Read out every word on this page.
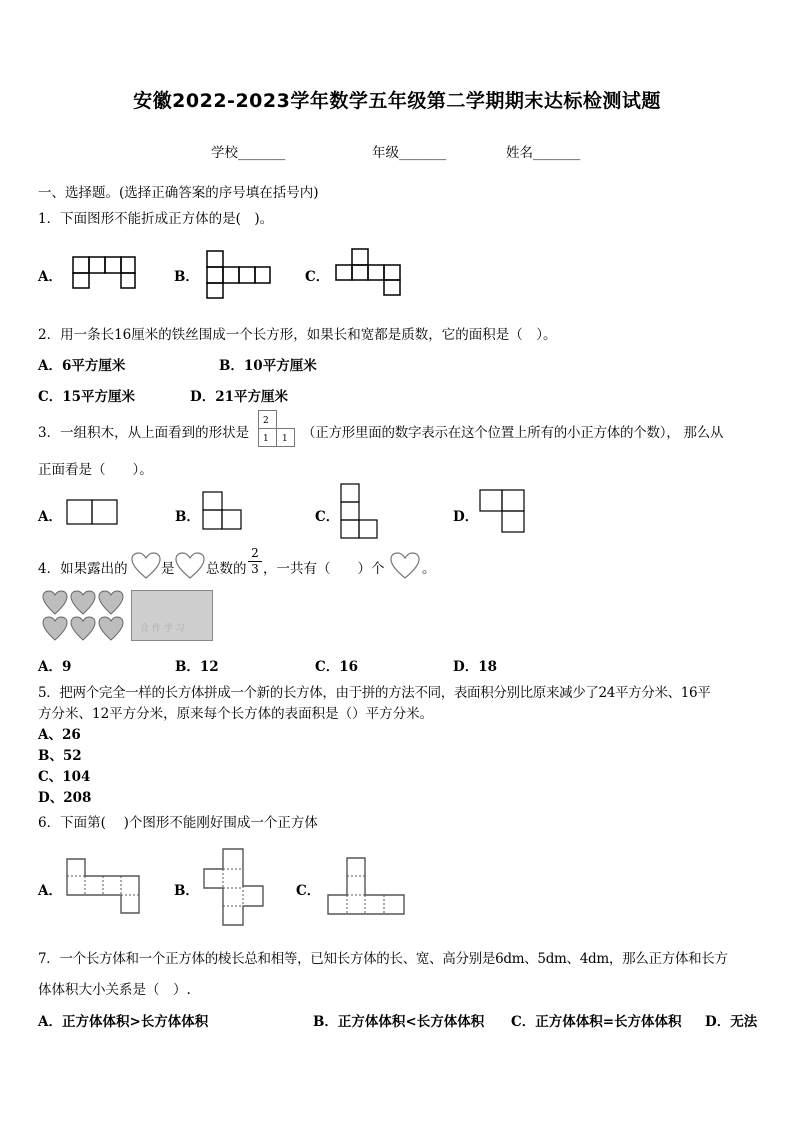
安徽2022-2023学年数学五年级第二学期期末达标检测试题
学校_______	年级_______	姓名_______
一、选择题。(选择正确答案的序号填在括号内)
1．下面图形不能折成正方体的是(　)。
A．	B．	C．
2．用一条长16厘米的铁丝围成一个长方形，如果长和宽都是质数，它的面积是（　）。
A．6平方厘米	B．10平方厘米
C．15平方厘米	D．21平方厘米
3．一组积木，从上面看到的形状是
2
1 1 （正方形里面的数字表示在这个位置上所有的小正方体的个数）， 那么从
正面看是（　　）。
A．	B．	C．	D．
4．如果露出的 是 总数的
2
3 ，一共有（　　）个	。
合 作 学 习
A．9	B．12	C．16	D．18
5．把两个完全一样的长方体拼成一个新的长方体，由于拼的方法不同，表面积分别比原来减少了24平方分米、16平
方分米、12平方分米，原来每个长方体的表面积是（）平方分米。
A、26
B、52
C、104
D、208
6．下面第(　 )个图形不能刚好围成一个正方体
A．	B．	C．
7．一个长方体和一个正方体的棱长总和相等，已知长方体的长、宽、高分别是6dm、5dm、4dm，那么正方体和长方
体体积大小关系是（　）.
A．正方体体积>长方体体积	B．正方体体积<长方体体积 C．正方体体积=长方体体积 D．无法
